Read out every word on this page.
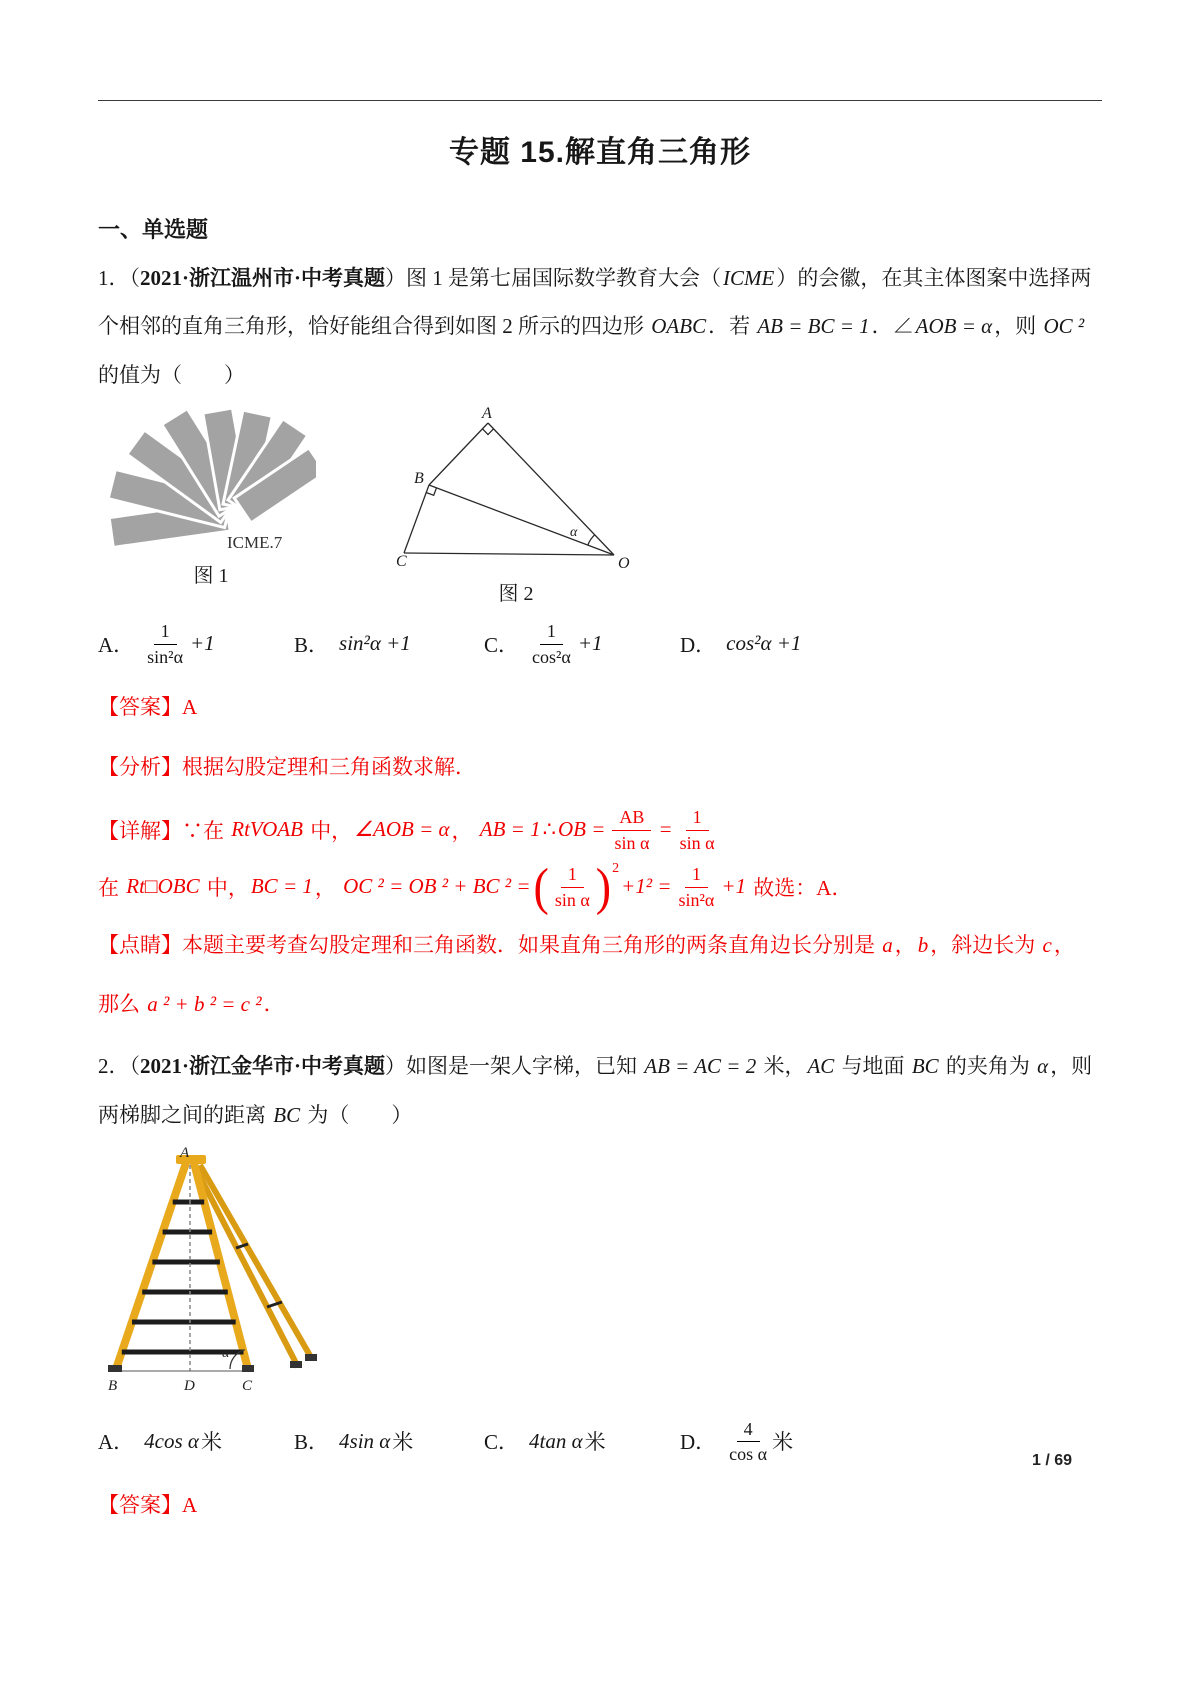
专题 15.解直角三角形
一、单选题

1．（2021·浙江温州市·中考真题）图 1 是第七届国际数学教育大会（ICME）的会徽，在其主体图案中选择两个相邻的直角三角形，恰好能组合得到如图 2 所示的四边形 OABC．若 AB = BC = 1．∠AOB = α，则 OC ² 的值为（　　）

ICME.7
图 1
A
B
C	O
α
图 2
A． $\frac{1}{\text{sin²α}} +1$	B． sin²α +1	C． $\frac{1}{\text{cos²α}} +1$	D． cos²α +1

【答案】A

【分析】根据勾股定理和三角函数求解．

【详解】 ∵在 RtVOAB 中， ∠AOB = α ， AB = 1 ∴ OB = $\frac{AB}{\text{sin α}} = \frac{1}{\text{sin α}}$
在 Rt□OBC 中， BC = 1 ， OC ² = OB ² + BC ² = ( $\frac{1}{\text{sin α}}$ ) 2
$+1^2 = \frac{1}{\text{sin²α}} +1$ 故选：A．

【点睛】本题主要考查勾股定理和三角函数．如果直角三角形的两条直角边长分别是 a，b，斜边长为 c，

那么 a ² + b ² = c ²．

2．（2021·浙江金华市·中考真题）如图是一架人字梯，已知 AB = AC = 2 米，AC 与地面 BC 的夹角为 α，则两梯脚之间的距离 BC 为（　　）

A
B	D	C
α
A． 4cos α 米	B． 4sin α 米	C． 4tan α 米	D． $\frac{4}{\text{cos α}}$ 米

【答案】A

1 / 69
